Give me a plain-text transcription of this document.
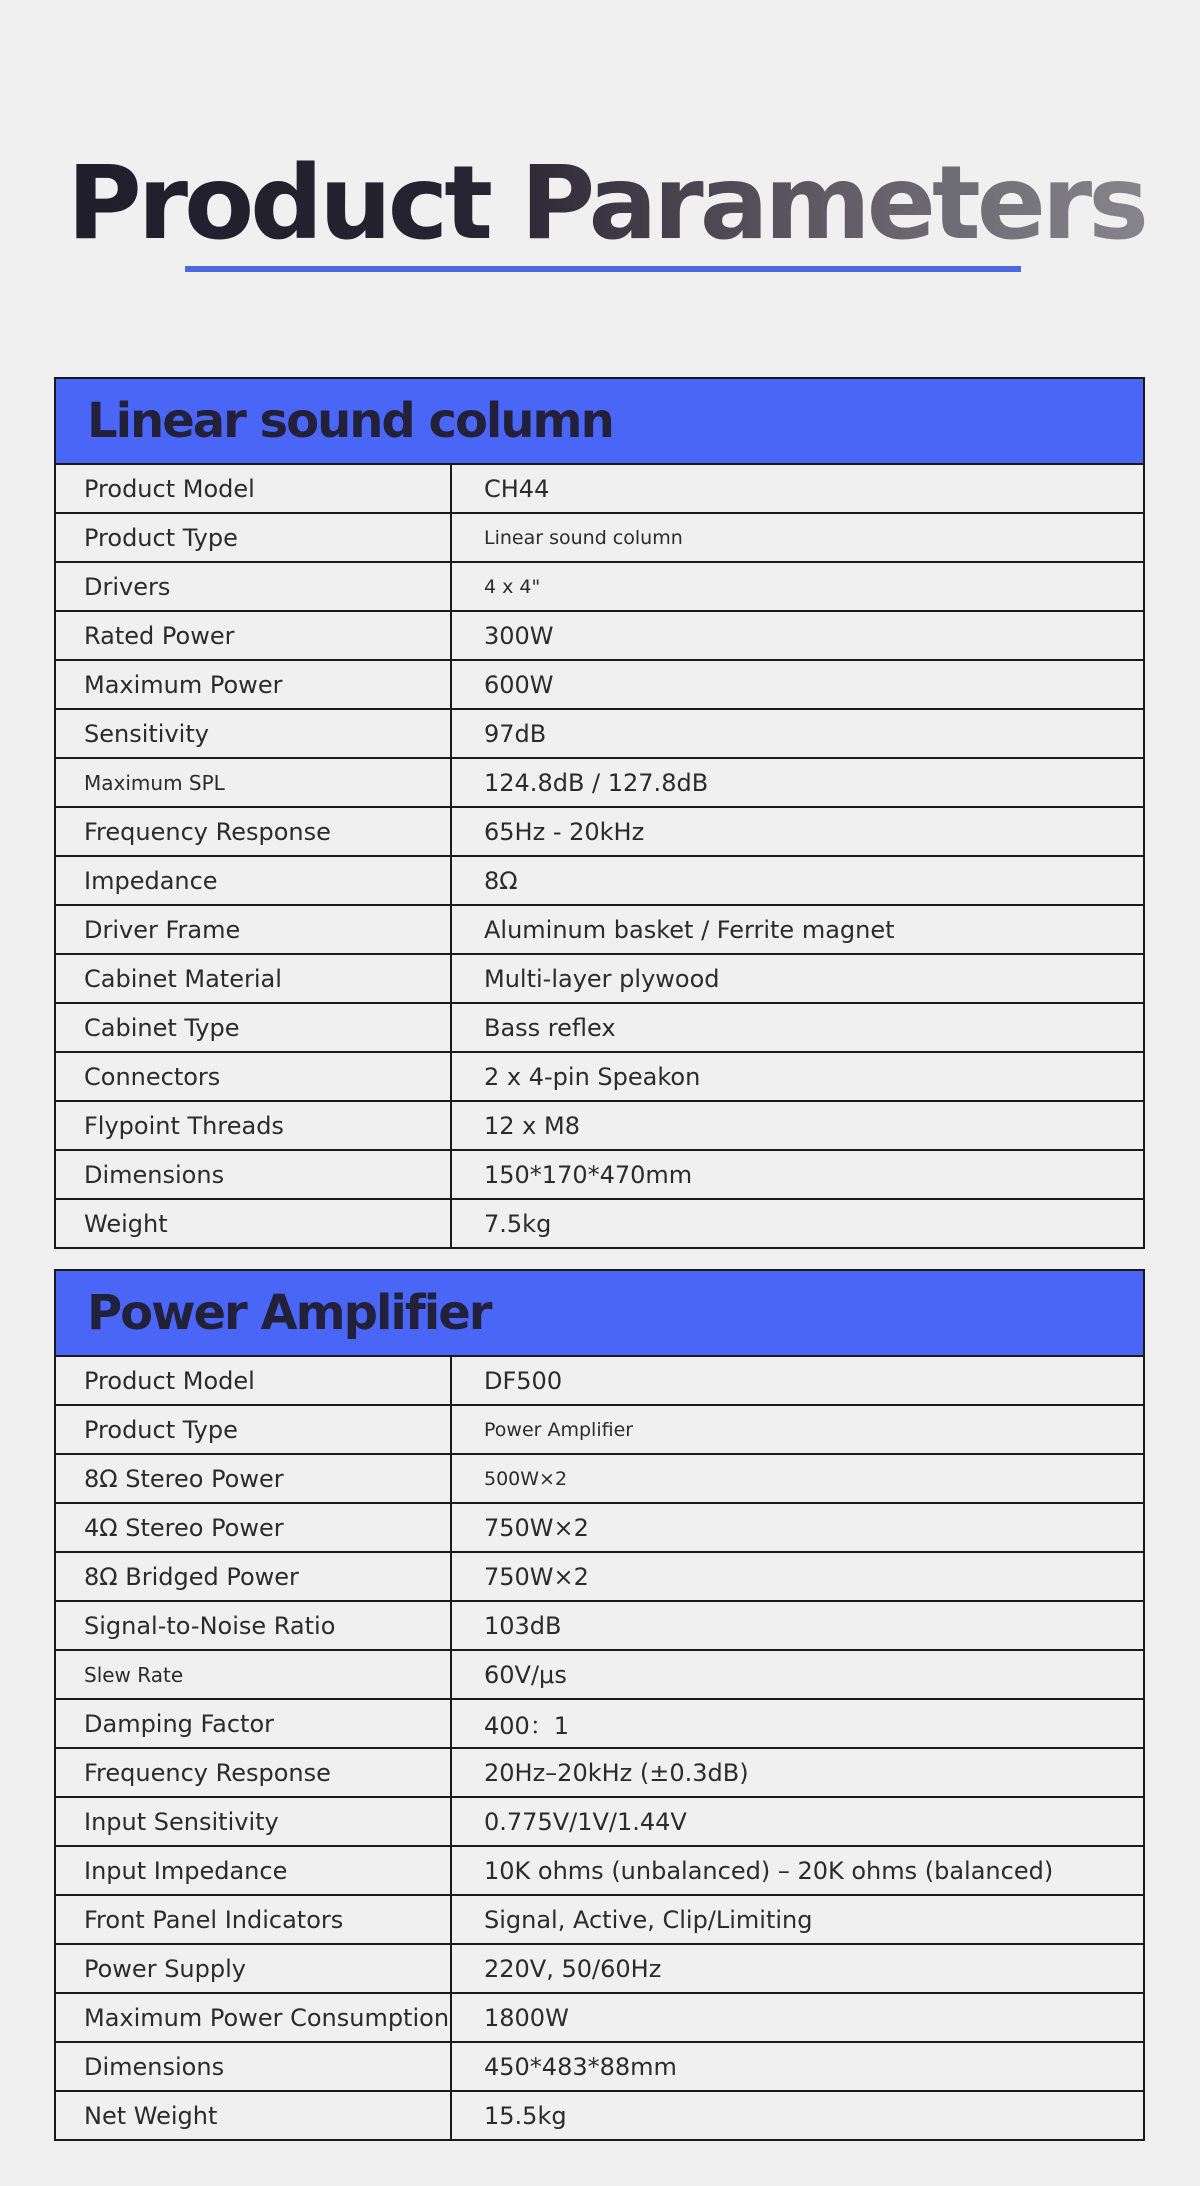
Product Parameters
Linear sound column	
Product Model	CH44
Product Type	Linear sound column
Drivers	4 x 4"
Rated Power	300W
Maximum Power	600W
Sensitivity	97dB
Maximum SPL	124.8dB / 127.8dB
Frequency Response	65Hz - 20kHz
Impedance	8Ω
Driver Frame	Aluminum basket / Ferrite magnet
Cabinet Material	Multi-layer plywood
Cabinet Type	Bass reflex
Connectors	2 x 4-pin Speakon
Flypoint Threads	12 x M8
Dimensions	150*170*470mm
Weight	7.5kg
Power Amplifier	
Product Model	DF500
Product Type	Power Amplifier
8Ω Stereo Power	500W×2
4Ω Stereo Power	750W×2
8Ω Bridged Power	750W×2
Signal-to-Noise Ratio	103dB
Slew Rate	60V/μs
Damping Factor	400：1
Frequency Response	20Hz–20kHz (±0.3dB)
Input Sensitivity	0.775V/1V/1.44V
Input Impedance	10K ohms (unbalanced) – 20K ohms (balanced)
Front Panel Indicators	Signal, Active, Clip/Limiting
Power Supply	220V, 50/60Hz
Maximum Power Consumption	1800W
Dimensions	450*483*88mm
Net Weight	15.5kg
